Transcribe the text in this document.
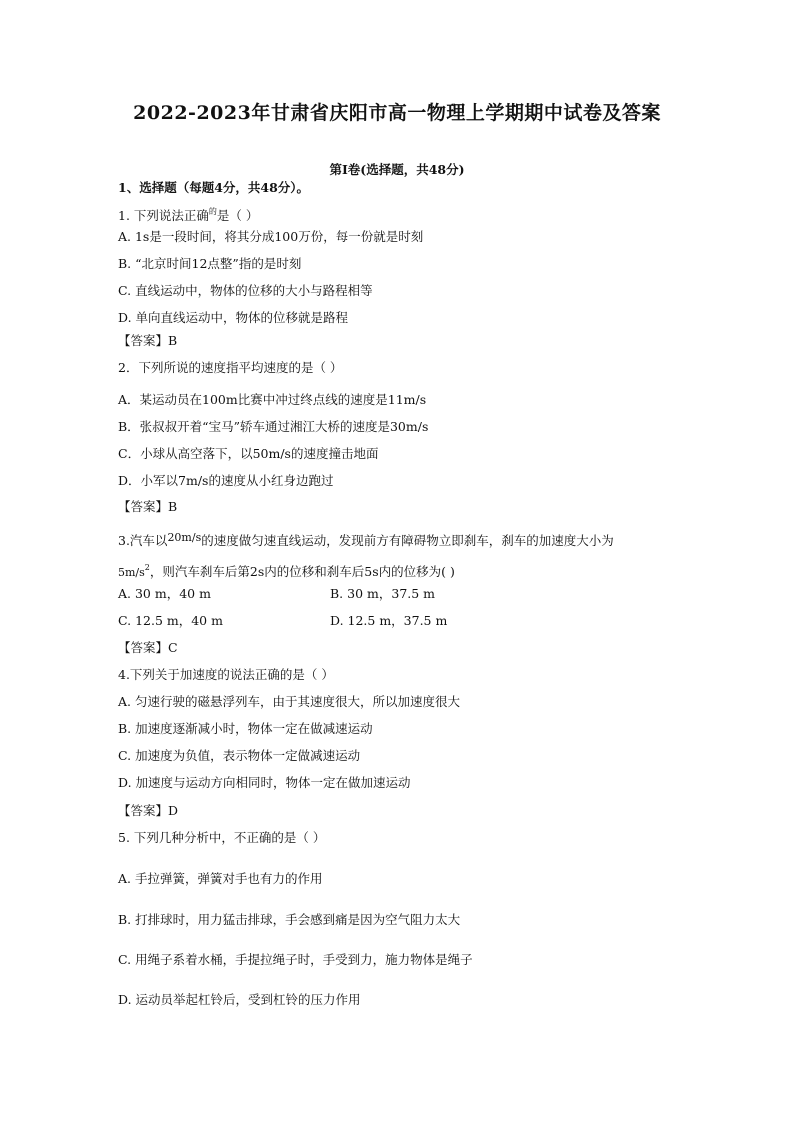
2022-2023年甘肃省庆阳市高一物理上学期期中试卷及答案
第Ⅰ卷(选择题，共48分)
1、选择题（每题4分，共48分）。
1. 下列说法正确$^的$是（ ）
A. 1s是一段时间，将其分成100万份，每一份就是时刻
B. “北京时间12点整”指的是时刻
C. 直线运动中，物体的位移的大小与路程相等
D. 单向直线运动中，物体的位移就是路程
【答案】B
2．下列所说的速度指平均速度的是（ ）
A．某运动员在100m比赛中冲过终点线的速度是11m/s
B．张叔叔开着“宝马”轿车通过湘江大桥的速度是30m/s
C．小球从高空落下，以50m/s的速度撞击地面
D．小军以7m/s的速度从小红身边跑过
【答案】B
3.汽车以20m/s的速度做匀速直线运动，发现前方有障碍物立即刹车，刹车的加速度大小为
$5m/s^2$，则汽车刹车后第2s内的位移和刹车后5s内的位移为( )
A. 30 m，40 m	B. 30 m，37.5 m
C. 12.5 m，40 m	D. 12.5 m，37.5 m
【答案】C
4.下列关于加速度的说法正确的是（ ）
A. 匀速行驶的磁悬浮列车，由于其速度很大，所以加速度很大
B. 加速度逐渐减小时，物体一定在做减速运动
C. 加速度为负值，表示物体一定做减速运动
D. 加速度与运动方向相同时，物体一定在做加速运动
【答案】D
5. 下列几种分析中，不正确的是（ ）
A. 手拉弹簧，弹簧对手也有力的作用
B. 打排球时，用力猛击排球，手会感到痛是因为空气阻力太大
C. 用绳子系着水桶，手提拉绳子时，手受到力，施力物体是绳子
D. 运动员举起杠铃后，受到杠铃的压力作用
